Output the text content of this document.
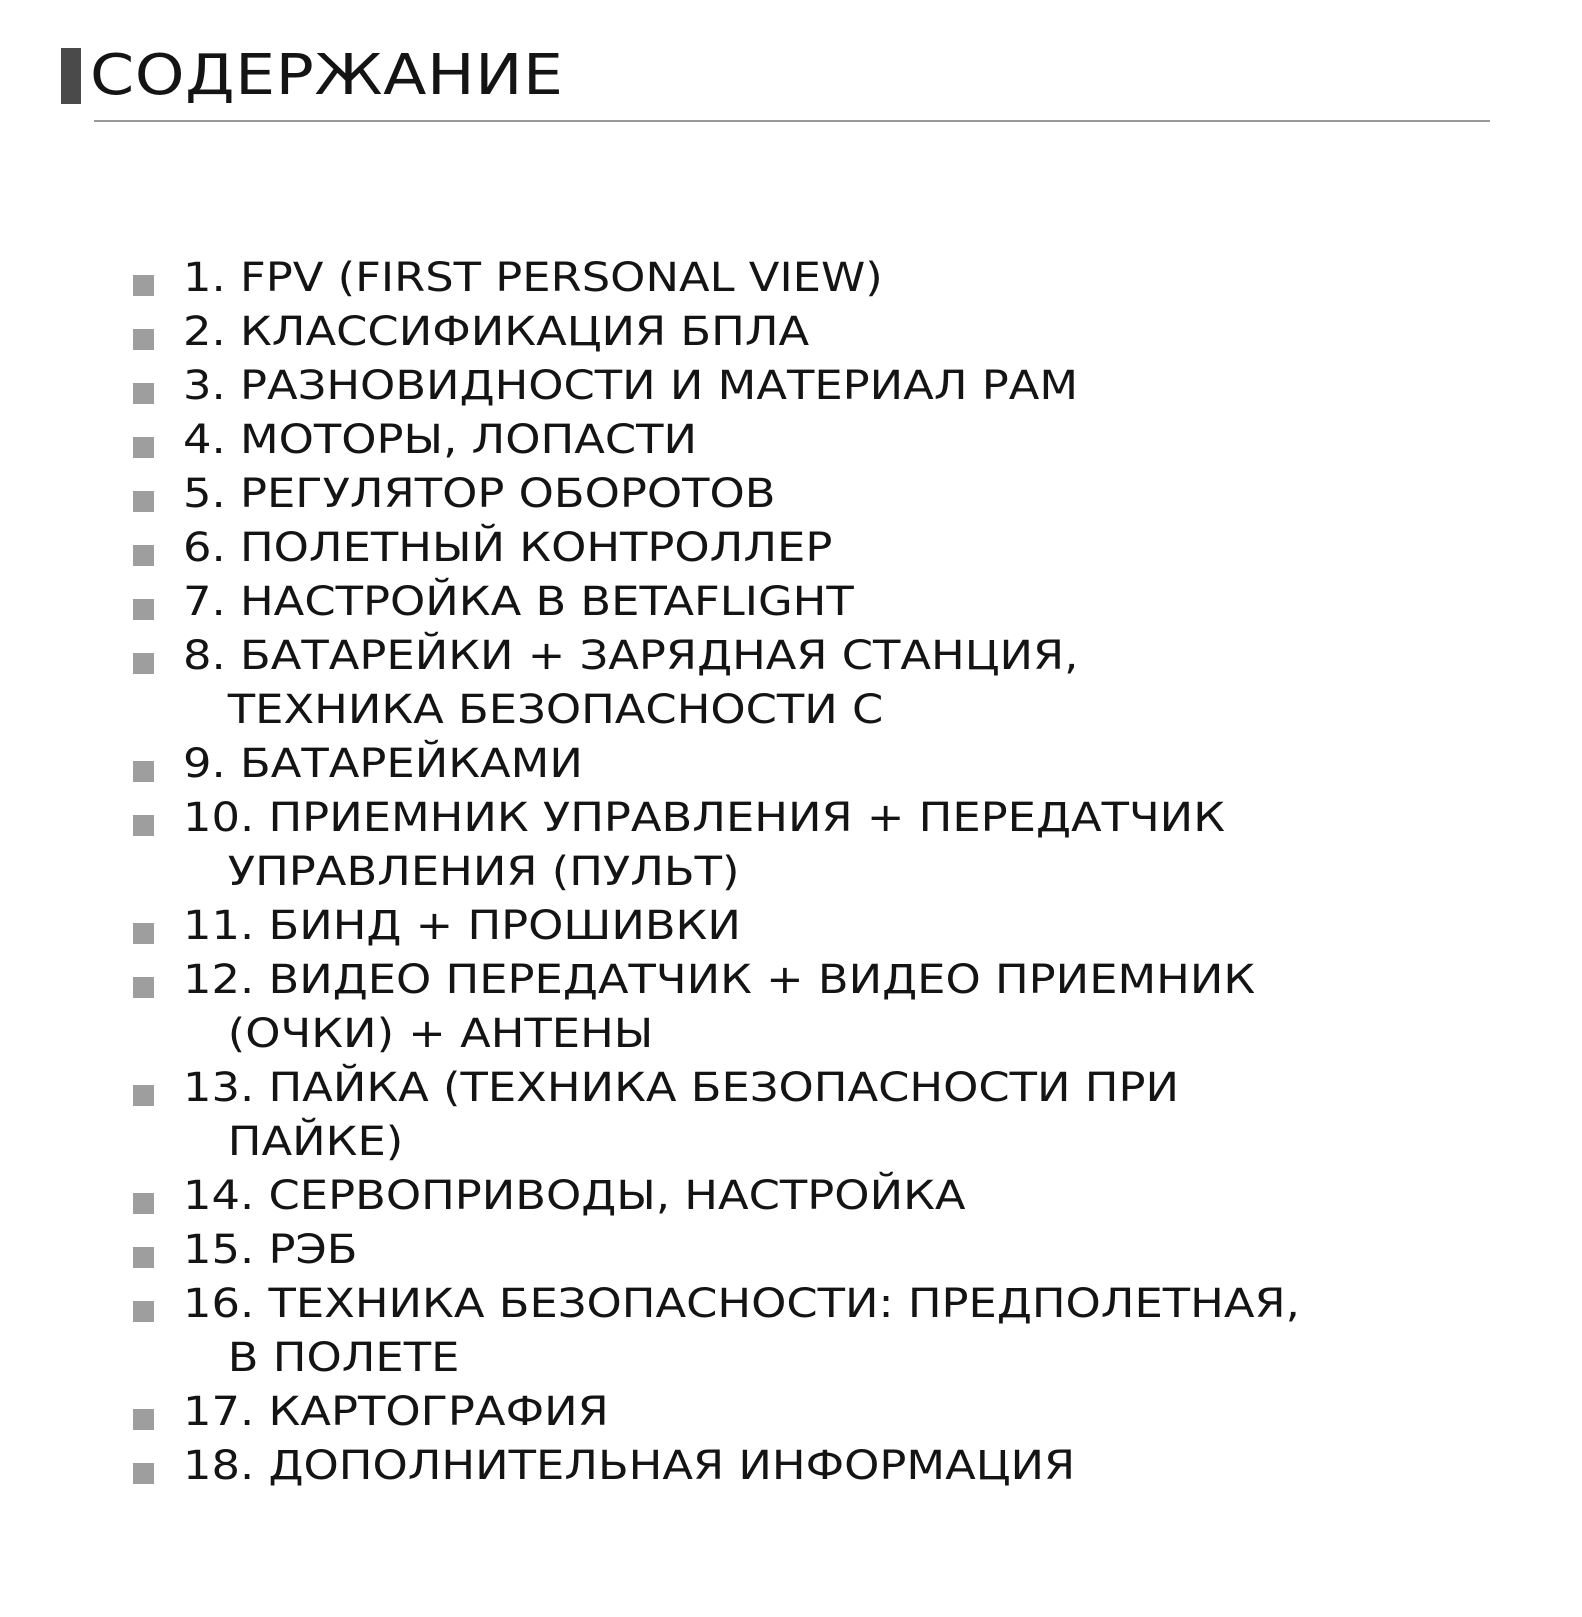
СОДЕРЖАНИЕ
1. FPV (FIRST PERSONAL VIEW)
2. КЛАССИФИКАЦИЯ БПЛА
3. РАЗНОВИДНОСТИ И МАТЕРИАЛ РАМ
4. МОТОРЫ, ЛОПАСТИ
5. РЕГУЛЯТОР ОБОРОТОВ
6. ПОЛЕТНЫЙ КОНТРОЛЛЕР
7. НАСТРОЙКА В BETAFLIGHT
8. БАТАРЕЙКИ + ЗАРЯДНАЯ СТАНЦИЯ,
ТЕХНИКА БЕЗОПАСНОСТИ С
9. БАТАРЕЙКАМИ
10. ПРИЕМНИК УПРАВЛЕНИЯ + ПЕРЕДАТЧИК
УПРАВЛЕНИЯ (ПУЛЬТ)
11. БИНД + ПРОШИВКИ
12. ВИДЕО ПЕРЕДАТЧИК + ВИДЕО ПРИЕМНИК
(ОЧКИ) + АНТЕНЫ
13. ПАЙКА (ТЕХНИКА БЕЗОПАСНОСТИ ПРИ
ПАЙКЕ)
14. СЕРВОПРИВОДЫ, НАСТРОЙКА
15. РЭБ
16. ТЕХНИКА БЕЗОПАСНОСТИ: ПРЕДПОЛЕТНАЯ,
В ПОЛЕТЕ
17. КАРТОГРАФИЯ
18. ДОПОЛНИТЕЛЬНАЯ ИНФОРМАЦИЯ
